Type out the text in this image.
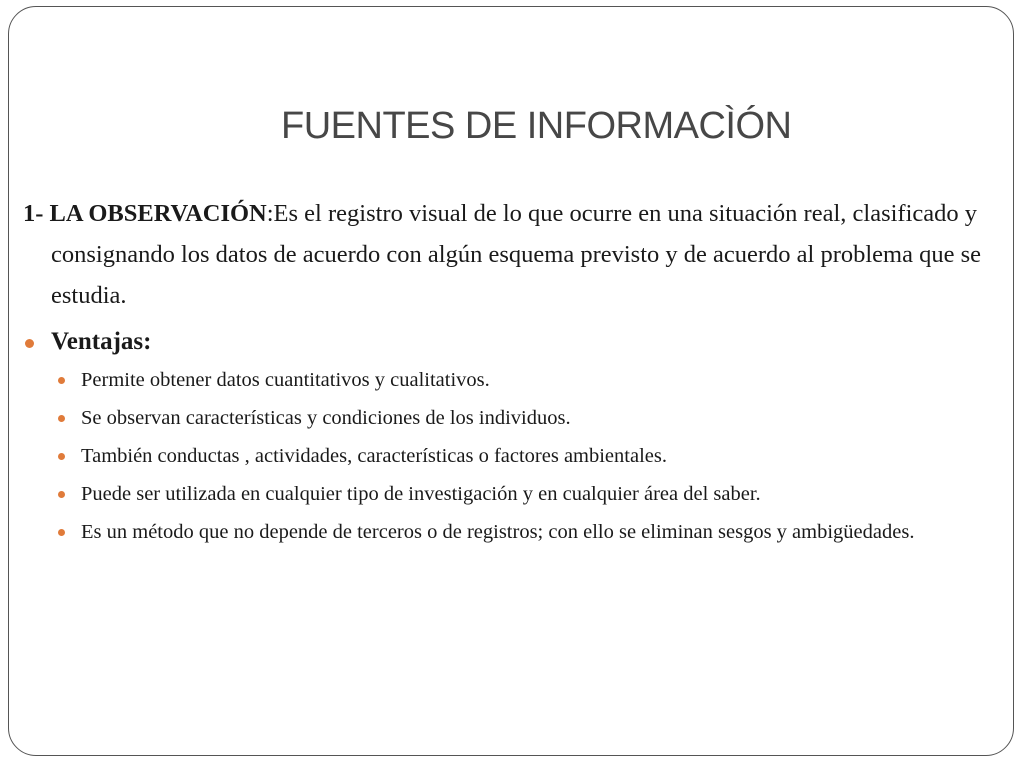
FUENTES DE INFORMACÌÓN

1- LA OBSERVACIÓN:Es el registro visual de lo que ocurre en una situación real, clasificado y consignando los datos de acuerdo con algún esquema previsto y de acuerdo al problema que se estudia.

Ventajas:
Permite obtener datos cuantitativos y cualitativos.
Se observan características y condiciones de los individuos.
También conductas , actividades, características o factores ambientales.
Puede ser utilizada en cualquier tipo de investigación y en cualquier área del saber.
Es un método que no depende de terceros o de registros; con ello se eliminan sesgos y ambigüedades.
